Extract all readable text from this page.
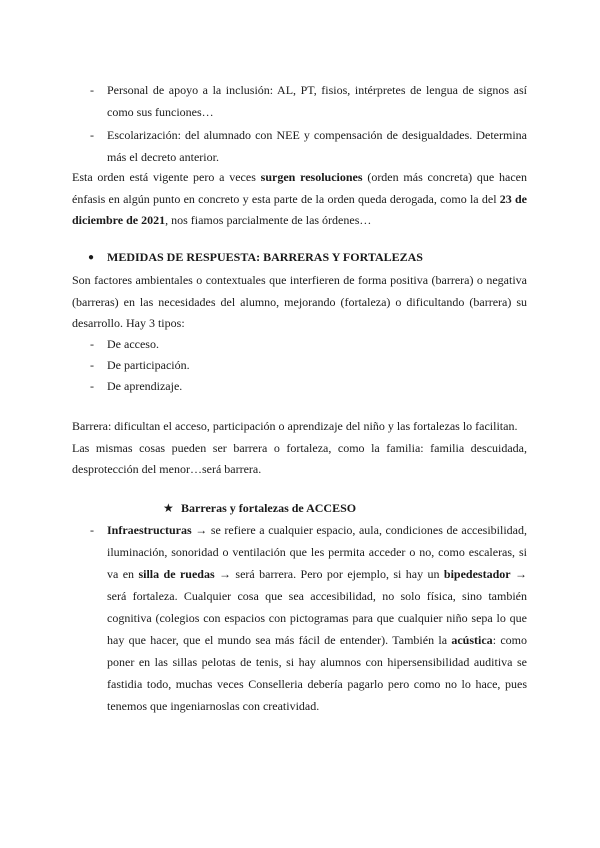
- Personal de apoyo a la inclusión: AL, PT, fisios, intérpretes de lengua de signos así
como sus funciones…
- Escolarización: del alumnado con NEE y compensación de desigualdades. Determina
más el decreto anterior.
Esta orden está vigente pero a veces surgen resoluciones (orden más concreta) que hacen
énfasis en algún punto en concreto y esta parte de la orden queda derogada, como la del 23 de
diciembre de 2021, nos fiamos parcialmente de las órdenes…
● MEDIDAS DE RESPUESTA: BARRERAS Y FORTALEZAS
Son factores ambientales o contextuales que interfieren de forma positiva (barrera) o negativa
(barreras) en las necesidades del alumno, mejorando (fortaleza) o dificultando (barrera) su
desarrollo. Hay 3 tipos:
- De acceso.
- De participación.
- De aprendizaje.
Barrera: dificultan el acceso, participación o aprendizaje del niño y las fortalezas lo facilitan.
Las mismas cosas pueden ser barrera o fortaleza, como la familia: familia descuidada,
desprotección del menor…será barrera.
★ Barreras y fortalezas de ACCESO
- Infraestructuras → se refiere a cualquier espacio, aula, condiciones de accesibilidad,
iluminación, sonoridad o ventilación que les permita acceder o no, como escaleras, si
va en silla de ruedas → será barrera. Pero por ejemplo, si hay un bipedestador →
será fortaleza. Cualquier cosa que sea accesibilidad, no solo física, sino también
cognitiva (colegios con espacios con pictogramas para que cualquier niño sepa lo que
hay que hacer, que el mundo sea más fácil de entender). También la acústica: como
poner en las sillas pelotas de tenis, si hay alumnos con hipersensibilidad auditiva se
fastidia todo, muchas veces Conselleria debería pagarlo pero como no lo hace, pues
tenemos que ingeniarnoslas con creatividad.
